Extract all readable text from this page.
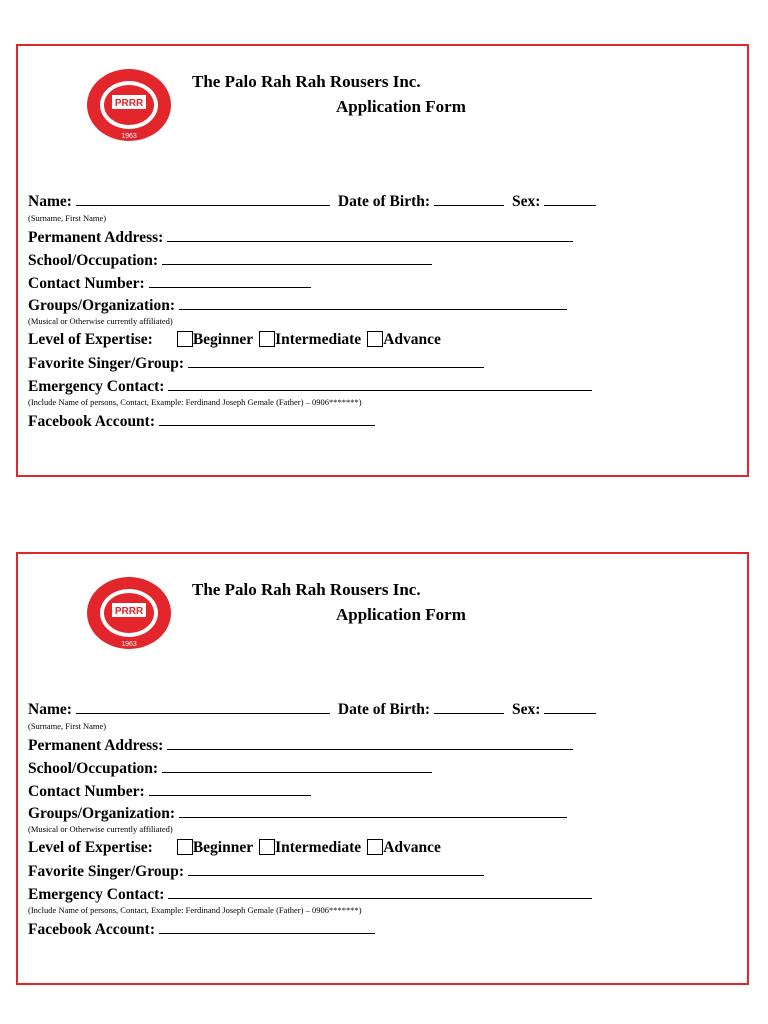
PRRR
1963
The Palo Rah Rah Rousers Inc.
Application Form
Name:	Date of Birth:	Sex:
(Surname, First Name)
Permanent Address:
School/Occupation:
Contact Number:
Groups/Organization:
(Musical or Otherwise currently affiliated)
Level of Expertise:	Beginner Intermediate Advance
Favorite Singer/Group:
Emergency Contact:
(Include Name of persons, Contact, Example: Ferdinand Joseph Gemale (Father) – 0906*******)
Facebook Account:
PRRR
1963
The Palo Rah Rah Rousers Inc.
Application Form
Name:	Date of Birth:	Sex:
(Surname, First Name)
Permanent Address:
School/Occupation:
Contact Number:
Groups/Organization:
(Musical or Otherwise currently affiliated)
Level of Expertise:	Beginner Intermediate Advance
Favorite Singer/Group:
Emergency Contact:
(Include Name of persons, Contact, Example: Ferdinand Joseph Gemale (Father) – 0906*******)
Facebook Account:
